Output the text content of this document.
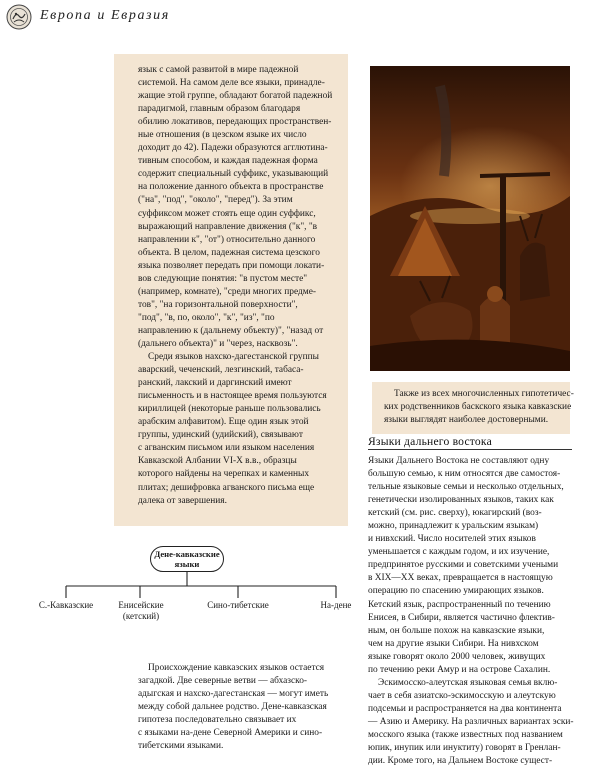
Европа и Евразия
язык с самой развитой в мире падежной
системой. На самом деле все языки, принадле-
жащие этой группе, обладают богатой падежной
парадигмой, главным образом благодаря
обилию локативов, передающих пространствен-
ные отношения (в цезском языке их число
доходит до 42). Падежи образуются агглютина-
тивным способом, и каждая падежная форма
содержит специальный суффикс, указывающий
на положение данного объекта в пространстве
("на", "под", "около", "перед"). За этим
суффиксом может стоять еще один суффикс,
выражающий направление движения ("к", "в
направлении к", "от") относительно данного
объекта. В целом, падежная система цезского
языка позволяет передать при помощи локати-
вов следующие понятия: "в пустом месте"
(например, комнате), "среди многих предме-
тов", "на горизонтальной поверхности",
"под", "в, по, около", "к", "из", "по
направлению к (дальнему объекту)", "назад от
(дальнего объекта)" и "через, насквозь".
Среди языков нахско-дагестанской группы
аварский, чеченский, лезгинский, табаса-
ранский, лакский и даргинский имеют
письменность и в настоящее время пользуются
кириллицей (некоторые раньше пользовались
арабским алфавитом). Еще один язык этой
группы, удинский (удийский), связывают
с агванским письмом или языком населения
Кавказской Албании VI-X в.в., образцы
которого найдены на черепках и каменных
плитах; дешифровка агванского письма еще
далека от завершения.
Дене-кавказские языки
С.-Кавказские	Енисейские (кетский)
Сино-тибетские	На-дене
Происхождение кавказских языков остается
загадкой. Две северные ветви — абхазско-
адыгская и нахско-дагестанская — могут иметь
между собой дальнее родство. Дене-кавказская
гипотеза последовательно связывает их
с языками на-дене Северной Америки и сино-
тибетскими языками.
Также из всех многочисленных гипотетичес-
ких родственников баскского языка кавказские
языки выглядят наиболее достоверными.
Языки дальнего востока
Языки Дальнего Востока не составляют одну
большую семью, к ним относятся две самостоя-
тельные языковые семьи и несколько отдельных,
генетически изолированных языков, таких как
кетский (см. рис. сверху), юкагирский (воз-
можно, принадлежит к уральским языкам)
и нивхский. Число носителей этих языков
уменьшается с каждым годом, и их изучение,
предпринятое русскими и советскими учеными
в XIX—XX веках, превращается в настоящую
операцию по спасению умирающих языков.
Кетский язык, распространенный по течению
Енисея, в Сибири, является частично флектив-
ным, он больше похож на кавказские языки,
чем на другие языки Сибири. На нивхском
языке говорят около 2000 человек, живущих
по течению реки Амур и на острове Сахалин.
Эскимосско-алеутская языковая семья вклю-
чает в себя азиатско-эскимосскую и алеутскую
подсемьи и распространяется на два континента
— Азию и Америку. На различных вариантах эски-
мосского языка (также известных под названием
юпик, инупик или инуктиту) говорят в Гренлан-
дии. Кроме того, на Дальнем Востоке сущест-
